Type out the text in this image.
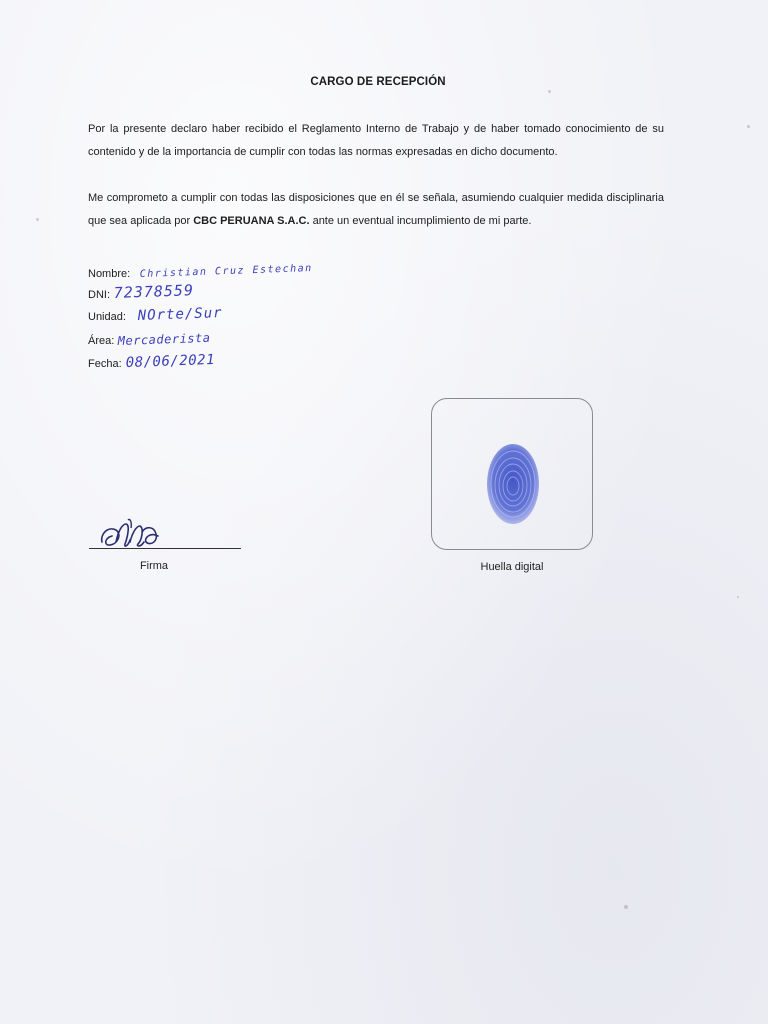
CARGO DE RECEPCIÓN
Por la presente declaro haber recibido el Reglamento Interno de Trabajo y de haber tomado conocimiento de su contenido y de la importancia de cumplir con todas las normas expresadas en dicho documento.
Me comprometo a cumplir con todas las disposiciones que en él se señala, asumiendo cualquier medida disciplinaria que sea aplicada por CBC PERUANA S.A.C. ante un eventual incumplimiento de mi parte.
Nombre: Christian Cruz Estechan
DNI: 72378559
Unidad: NOrte/Sur
Área: Mercaderista
Fecha: 08/06/2021
Firma	Huella digital
